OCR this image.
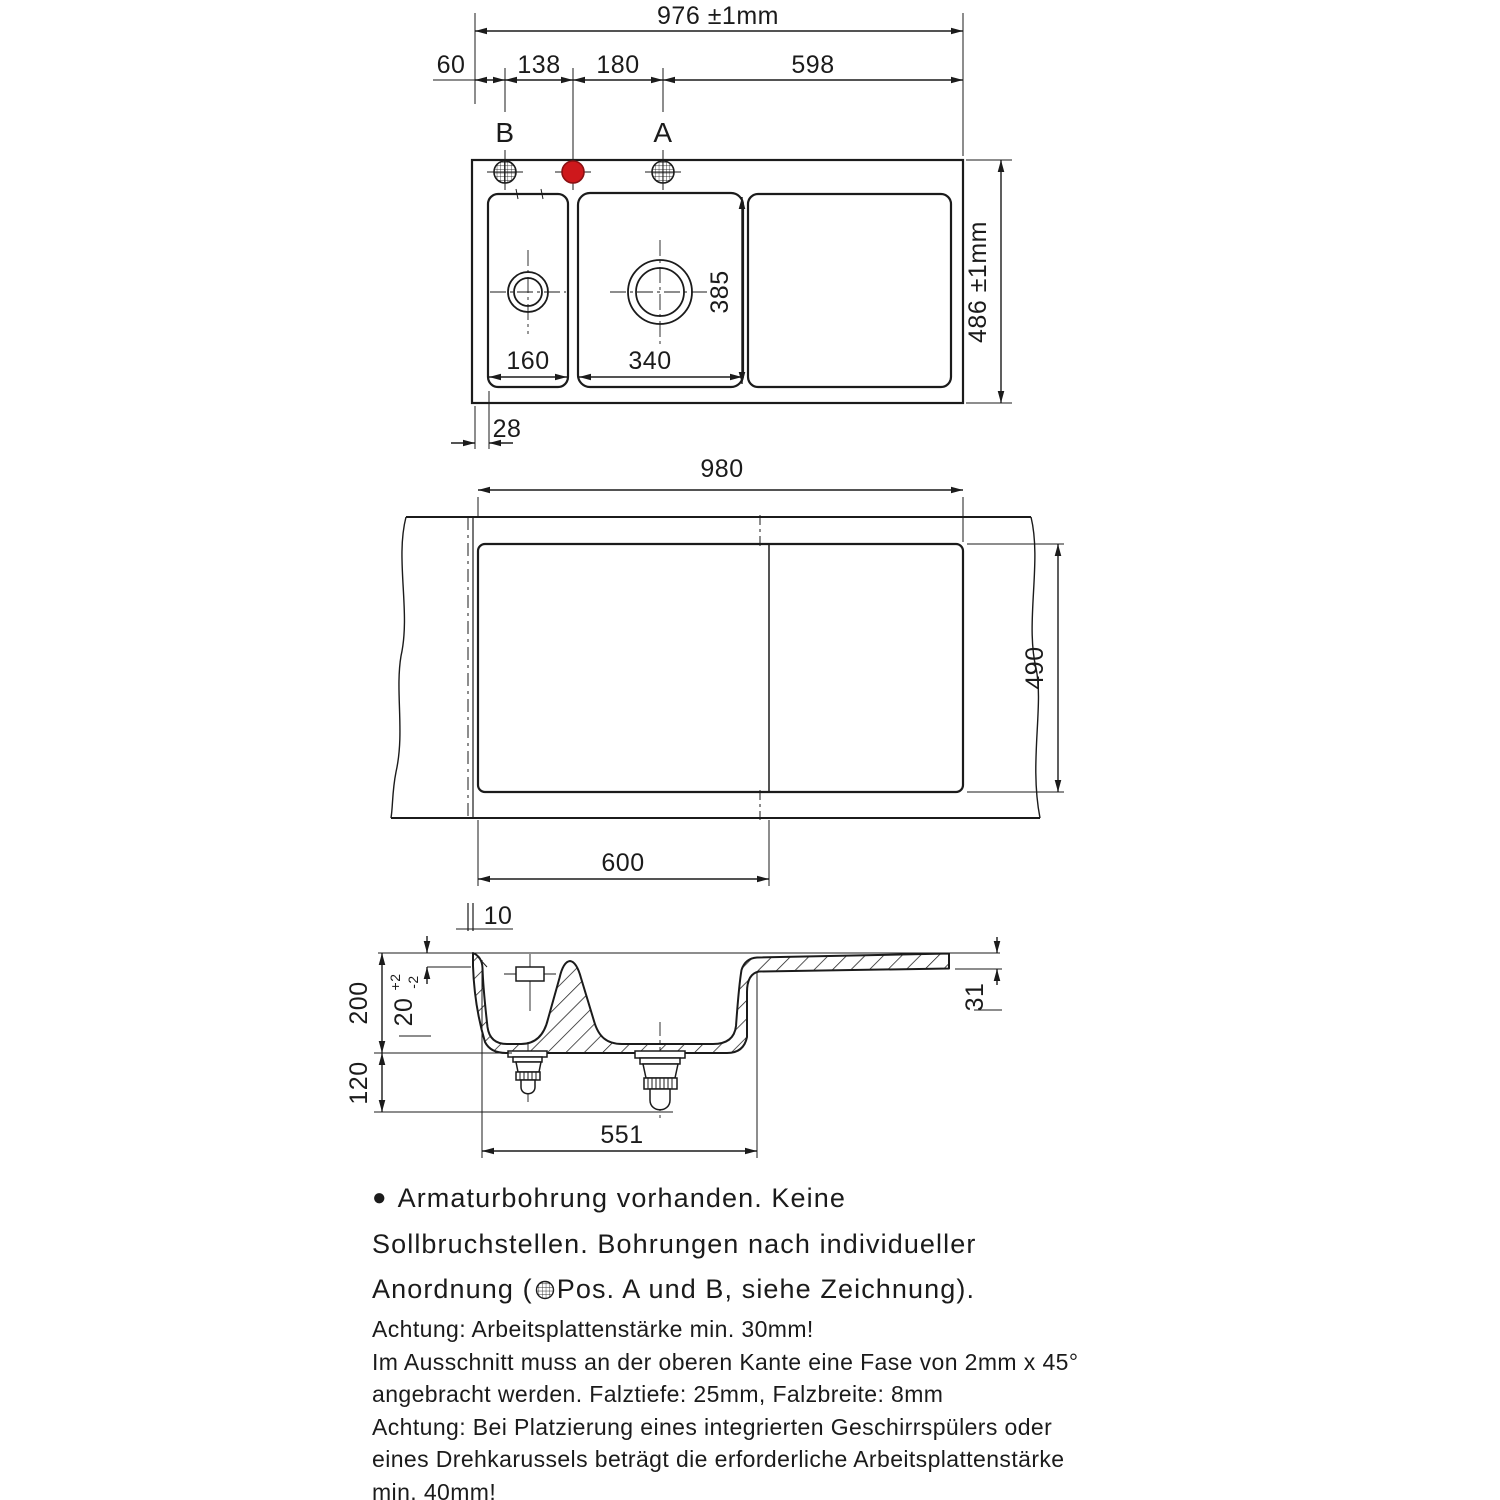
976 ±1mm
60 138 180	598
B	A
160	340
385
28
486 ±1mm
980
490
600
10
200 20
+2 -2
120
31
551
● Armaturbohrung vorhanden. Keine
Sollbruchstellen. Bohrungen nach individueller
Anordnung ( Pos. A und B, siehe Zeichnung).
Achtung: Arbeitsplattenstärke min. 30mm!
Im Ausschnitt muss an der oberen Kante eine Fase von 2mm x 45°
angebracht werden. Falztiefe: 25mm, Falzbreite: 8mm
Achtung: Bei Platzierung eines integrierten Geschirrspülers oder
eines Drehkarussels beträgt die erforderliche Arbeitsplattenstärke
min. 40mm!
